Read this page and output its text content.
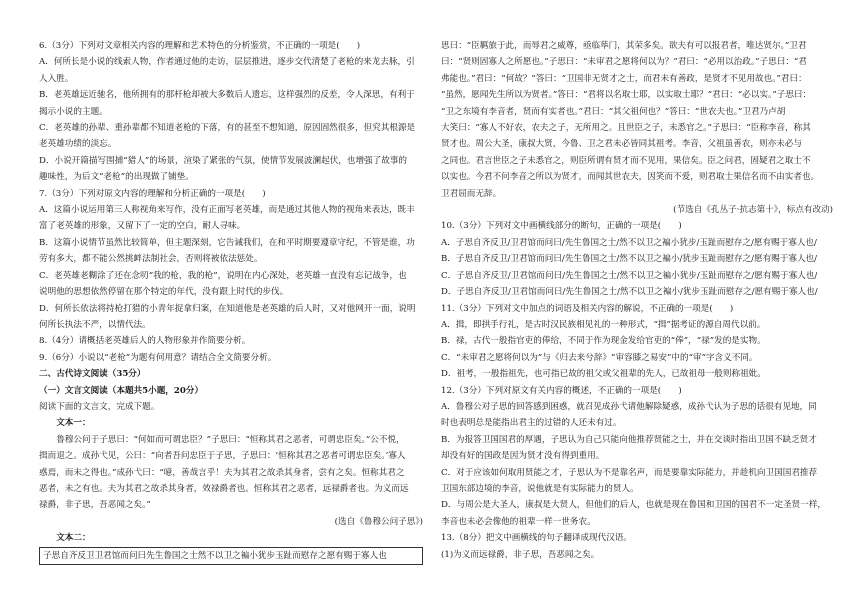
6.（3分）下列对文章相关内容的理解和艺术特色的分析鉴赏，不正确的一项是(　　)

A．何所长是小说的线索人物，作者通过他的走访，层层推进，逐步交代清楚了老枪的来龙去脉，引

人入胜。

B．老英雄远近驰名，他所拥有的那杆枪却被大多数后人遗忘，这样强烈的反差，令人深思，有利于

揭示小说的主题。

C．老英雄的孙辈、重孙辈都不知道老枪的下落，有的甚至不想知道，原因固然很多，但究其根源是

老英雄功绩的淡忘。

D．小说开篇描写围捕“猎人”的场景，渲染了紧张的气氛，使情节发展波澜起伏，也增强了故事的

趣味性，为后文“老枪”的出现做了铺垫。

7.（3分）下列对原文内容的理解和分析正确的一项是(　　)

A．这篇小说运用第三人称视角来写作，没有正面写老英雄，而是通过其他人物的视角来表达，既丰

富了老英雄的形象，又留下了一定的空白，耐人寻味。

B．这篇小说情节虽然比较简单，但主题深刻，它告诫我们，在和平时期要遵章守纪，不管是谁，功

劳有多大，都不能公然挑衅法制社会，否则将被依法惩处。

C．老英雄老糊涂了还在念叨“我的枪，我的枪”，说明在内心深处，老英雄一直没有忘记战争，也

说明他的思想依然停留在那个特定的年代，没有跟上时代的步伐。

D．何所长依法将持枪打猎的小青年捉拿归案，在知道他是老英雄的后人时，又对他网开一面，说明

何所长执法不严，以情代法。

8.（4分）请概括老英雄后人的人物形象并作简要分析。

9.（6分）小说以“老枪”为题有何用意？请结合全文简要分析。

二、古代诗文阅读（35分）

（一）文言文阅读（本题共5小题，20分）

阅读下面的文言文，完成下题。

文本一：

鲁穆公问于子思曰：“何如而可谓忠臣？”子思曰：“恒称其君之恶者，可谓忠臣矣。”公不悦，

揖而退之。成孙弋见，公曰：“向者吾问忠臣于子思，子思曰：‘恒称其君之恶者可谓忠臣矣。’寡人

惑焉，而未之得也。”成孙弋曰：“噫，善哉言乎！夫为其君之故杀其身者，尝有之矣。恒称其君之

恶者，未之有也。夫为其君之故杀其身者，效禄爵者也。恒称其君之恶者，远禄爵者也。为义而远

禄爵，非子思，吾恶闻之矣。”

(选自《鲁穆公问子思》)

文本二：

子思自齐反卫卫君馆而问曰先生鲁国之士然不以卫之褊小犹步玉趾而慰存之愿有赐于寡人也

思曰：“臣羁旅于此，而辱君之威尊，亟临荜门，其荣多矣。欲夫有可以报君者，唯达贤尔。”卫君

曰：“贤则固寡人之所愿也。”子思曰：“未审君之愿将何以为？”君曰：“必用以治政。”子思曰：“君

弗能也。”君曰：“何故？”答曰：“卫国非无贤才之士，而君未有善政，是贤才不见用故也。”君曰：

“虽然，愿闻先生所以为贤者。”答曰：“君将以名取士耶，以实取士耶？”君曰：“必以实。”子思曰：

“卫之东境有李音者，贤而有实者也。”君曰：“其父祖何也？”答曰：“世农夫也。”卫君乃卢胡

大笑曰：“寡人不好农，农夫之子，无所用之。且世臣之子，未悉官之。”子思曰：“臣称李音，称其

贤才也。周公大圣，康叔大贤，今鲁、卫之君未必皆同其祖考。李音，父祖虽善农，则亦未必与

之同也。君言世臣之子未悉官之，则臣所谓有贤才而不见用，果信矣。臣之问君，固疑君之取士不

以实也。今君不问李音之所以为贤才，而闻其世农夫，因笑而不爱，则君取士果信名而不由实者也。

卫君屈而无辞。

(节选自《孔丛子·抗志第十》，标点有改动)

10.（3分）下列对文中画横线部分的断句，正确的一项是(　　)

A．子思自齐反卫/卫君馆而问曰/先生鲁国之士/然不以卫之褊小犹步/玉趾而慰存之/愿有赐于寡人也/

B．子思自齐反卫/卫君馆而问曰/先生鲁国之士/然不以卫之褊小/犹步玉趾而慰存之/愿有赐于寡人也/

C．子思自齐反卫/卫君馆而问曰/先生鲁国之士/然不以卫之褊小犹步/玉趾而慰存之/愿有赐于寡人也/

D．子思自齐反卫/卫君馆而问曰/先生鲁国之士/然不以卫之褊小/犹步玉趾而慰存之/愿有赐于寡人也/

11.（3分）下列对文中加点的词语及相关内容的解说，不正确的一项是(　　)

A．揖，即拱手行礼，是古时汉民族相见礼的一种形式，“揖”据考证的源自周代以前。

B．禄，古代一般指官吏的俸给，不同于作为现金发给官吏的“俸”，“禄”发的是实物。

C．“未审君之愿将何以为”与《归去来兮辞》“审容膝之易安”中的“审”字含义不同。

D．祖考，一般指祖先，也可指已故的祖父或父祖辈的先人，已故祖母一般则称祖妣。

12.（3分）下列对原文有关内容的概述，不正确的一项是(　　)

A．鲁穆公对子思的回答感到困惑，就召见成孙弋请他解除疑惑，成孙弋认为子思的话很有见地，同

时也表明总是能指出君主的过错的人还未有过。

B．为报答卫国国君的厚遇，子思认为自己只能向他推荐贤能之士，并在交谈时指出卫国不缺乏贤才

却没有好的国政是因为贤才没有得到重用。

C．对于应该如何取用贤能之才，子思认为不是靠名声，而是要靠实际能力，并趁机向卫国国君推荐

卫国东部边境的李音，说他就是有实际能力的贤人。

D．与周公是大圣人，康叔是大贤人，但他们的后人，也就是现在鲁国和卫国的国君不一定圣贤一样，

李音也未必会像他的祖辈一样一世务农。

13.（8分）把文中画横线的句子翻译成现代汉语。

(1)为义而远禄爵，非子思，吾恶闻之矣。
